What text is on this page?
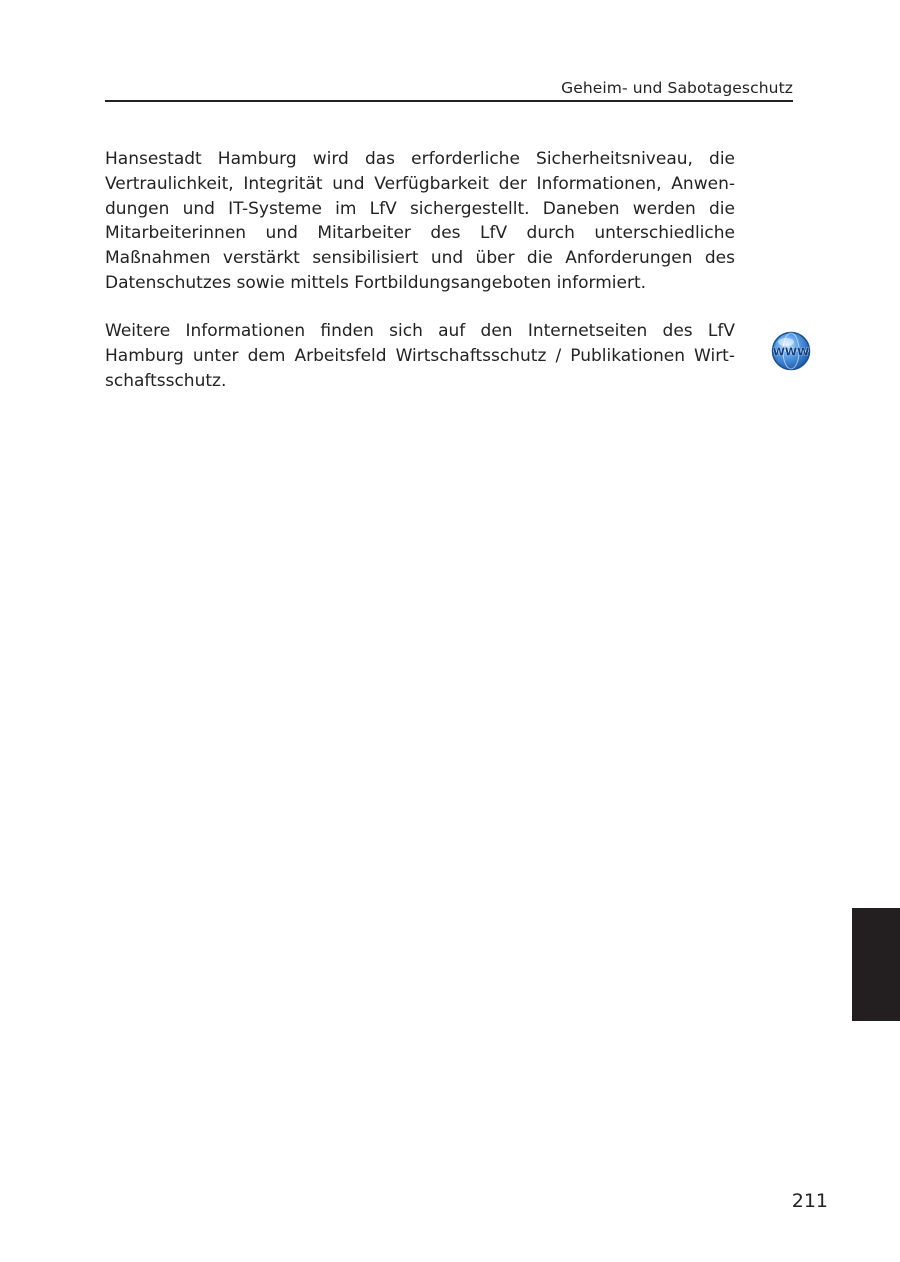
Geheim- und Sabotageschutz

Hansestadt Hamburg wird das erforderliche Sicherheitsniveau, die Vertraulichkeit, Integrität und Verfügbarkeit der Informationen, Anwendungen und IT-Systeme im LfV sichergestellt. Daneben werden die Mitarbeiterinnen und Mitarbeiter des LfV durch unterschiedliche Maßnahmen verstärkt sensibilisiert und über die Anforderungen des Datenschutzes sowie mittels Fortbildungsangeboten informiert.

Weitere Informationen finden sich auf den Internetseiten des LfV Hamburg unter dem Arbeitsfeld Wirtschaftsschutz / Publikationen Wirtschaftsschutz.

WWW
211
